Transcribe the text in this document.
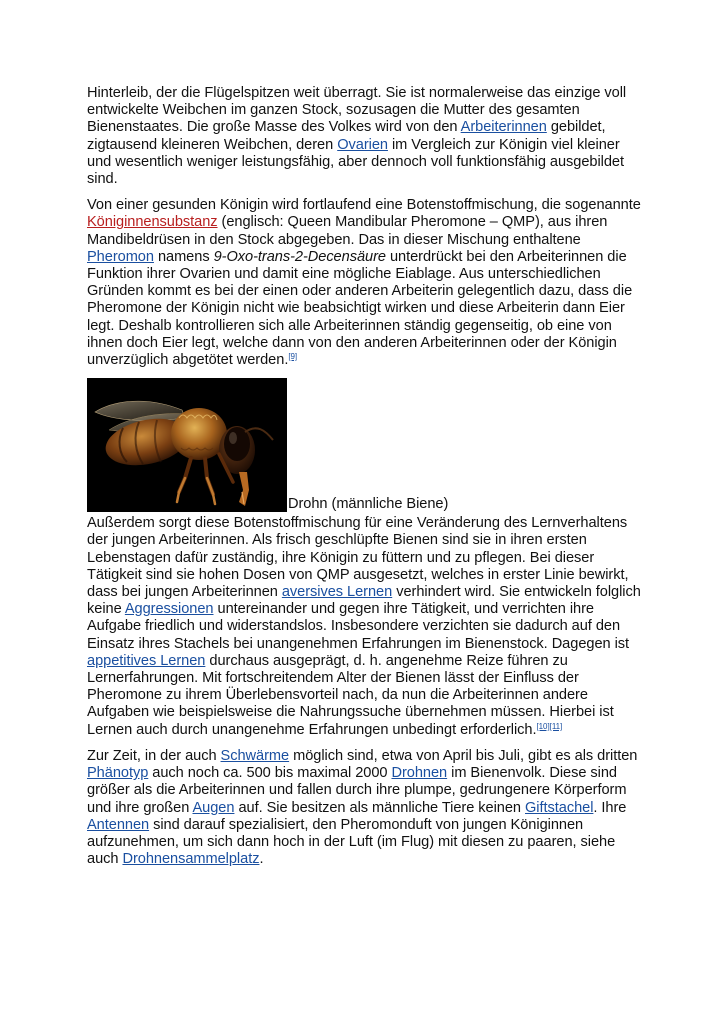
Hinterleib, der die Flügelspitzen weit überragt. Sie ist normalerweise das einzige voll entwickelte Weibchen im ganzen Stock, sozusagen die Mutter des gesamten Bienenstaates. Die große Masse des Volkes wird von den Arbeiterinnen gebildet, zigtausend kleineren Weibchen, deren Ovarien im Vergleich zur Königin viel kleiner und wesentlich weniger leistungsfähig, aber dennoch voll funktionsfähig ausgebildet sind.

Von einer gesunden Königin wird fortlaufend eine Botenstoffmischung, die sogenannte Königinnensubstanz (englisch: Queen Mandibular Pheromone – QMP), aus ihren Mandibeldrüsen in den Stock abgegeben. Das in dieser Mischung enthaltene Pheromon namens 9-Oxo-trans-2-Decensäure unterdrückt bei den Arbeiterinnen die Funktion ihrer Ovarien und damit eine mögliche Eiablage. Aus unterschiedlichen Gründen kommt es bei der einen oder anderen Arbeiterin gelegentlich dazu, dass die Pheromone der Königin nicht wie beabsichtigt wirken und diese Arbeiterin dann Eier legt. Deshalb kontrollieren sich alle Arbeiterinnen ständig gegenseitig, ob eine von ihnen doch Eier legt, welche dann von den anderen Arbeiterinnen oder der Königin unverzüglich abgetötet werden.[9]

Drohn (männliche Biene)

Außerdem sorgt diese Botenstoffmischung für eine Veränderung des Lernverhaltens der jungen Arbeiterinnen. Als frisch geschlüpfte Bienen sind sie in ihren ersten Lebenstagen dafür zuständig, ihre Königin zu füttern und zu pflegen. Bei dieser Tätigkeit sind sie hohen Dosen von QMP ausgesetzt, welches in erster Linie bewirkt, dass bei jungen Arbeiterinnen aversives Lernen verhindert wird. Sie entwickeln folglich keine Aggressionen untereinander und gegen ihre Tätigkeit, und verrichten ihre Aufgabe friedlich und widerstandslos. Insbesondere verzichten sie dadurch auf den Einsatz ihres Stachels bei unangenehmen Erfahrungen im Bienenstock. Dagegen ist appetitives Lernen durchaus ausgeprägt, d. h. angenehme Reize führen zu Lernerfahrungen. Mit fortschreitendem Alter der Bienen lässt der Einfluss der Pheromone zu ihrem Überlebensvorteil nach, da nun die Arbeiterinnen andere Aufgaben wie beispielsweise die Nahrungssuche übernehmen müssen. Hierbei ist Lernen auch durch unangenehme Erfahrungen unbedingt erforderlich.[10][11]

Zur Zeit, in der auch Schwärme möglich sind, etwa von April bis Juli, gibt es als dritten Phänotyp auch noch ca. 500 bis maximal 2000 Drohnen im Bienenvolk. Diese sind größer als die Arbeiterinnen und fallen durch ihre plumpe, gedrungenere Körperform und ihre großen Augen auf. Sie besitzen als männliche Tiere keinen Giftstachel. Ihre Antennen sind darauf spezialisiert, den Pheromonduft von jungen Königinnen aufzunehmen, um sich dann hoch in der Luft (im Flug) mit diesen zu paaren, siehe auch Drohnensammelplatz.
